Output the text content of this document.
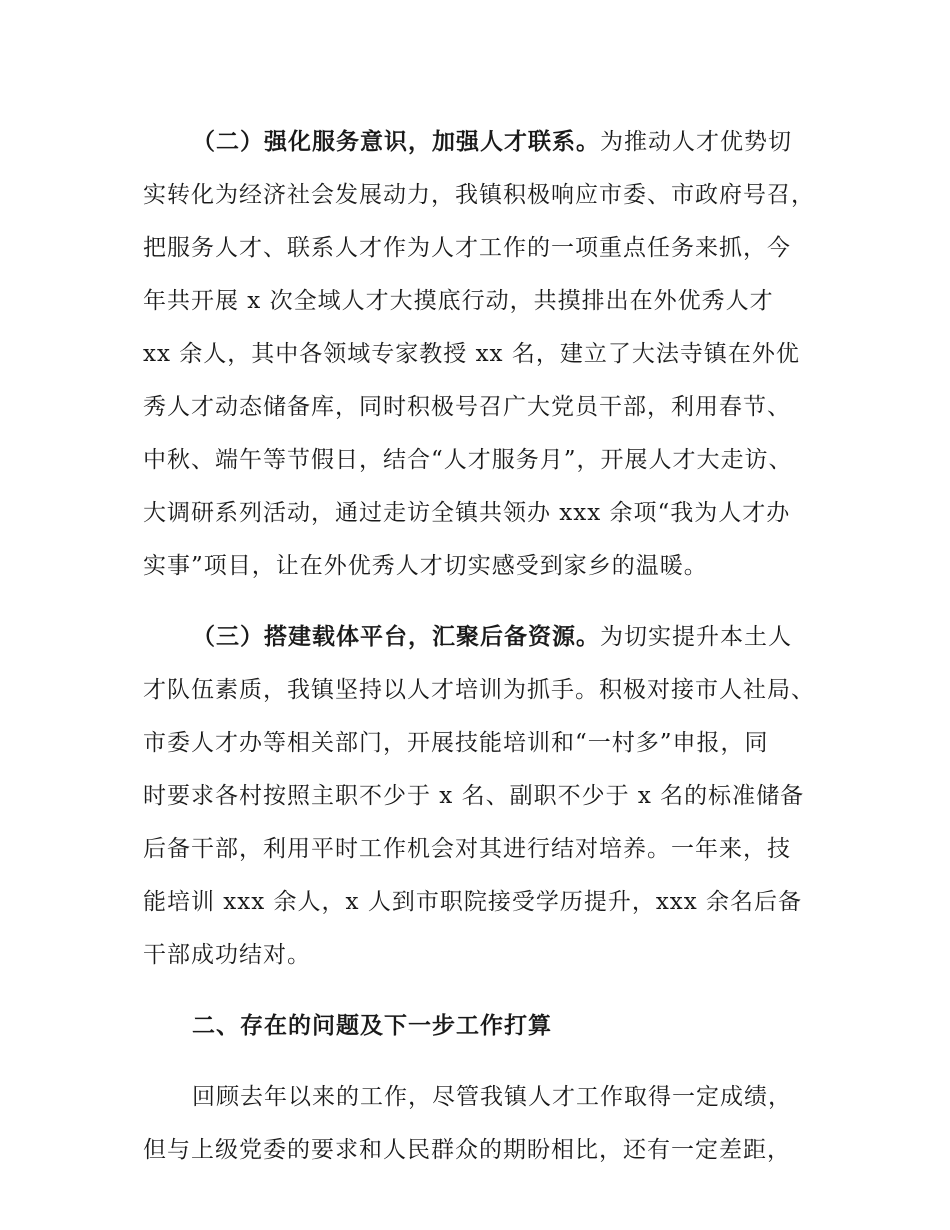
（二）强化服务意识，加强人才联系。为推动人才优势切
实转化为经济社会发展动力，我镇积极响应市委、市政府号召，
把服务人才、联系人才作为人才工作的一项重点任务来抓，今
年共开展 x 次全域人才大摸底行动，共摸排出在外优秀人才
xx 余人，其中各领域专家教授 xx 名，建立了大法寺镇在外优
秀人才动态储备库，同时积极号召广大党员干部，利用春节、
中秋、端午等节假日，结合“人才服务月”，开展人才大走访、
大调研系列活动，通过走访全镇共领办 xxx 余项“我为人才办
实事”项目，让在外优秀人才切实感受到家乡的温暖。
（三）搭建载体平台，汇聚后备资源。为切实提升本土人
才队伍素质，我镇坚持以人才培训为抓手。积极对接市人社局、
市委人才办等相关部门，开展技能培训和“一村多”申报，同
时要求各村按照主职不少于 x 名、副职不少于 x 名的标准储备
后备干部，利用平时工作机会对其进行结对培养。一年来，技
能培训 xxx 余人，x 人到市职院接受学历提升，xxx 余名后备
干部成功结对。
二、存在的问题及下一步工作打算
回顾去年以来的工作，尽管我镇人才工作取得一定成绩，
但与上级党委的要求和人民群众的期盼相比，还有一定差距，
